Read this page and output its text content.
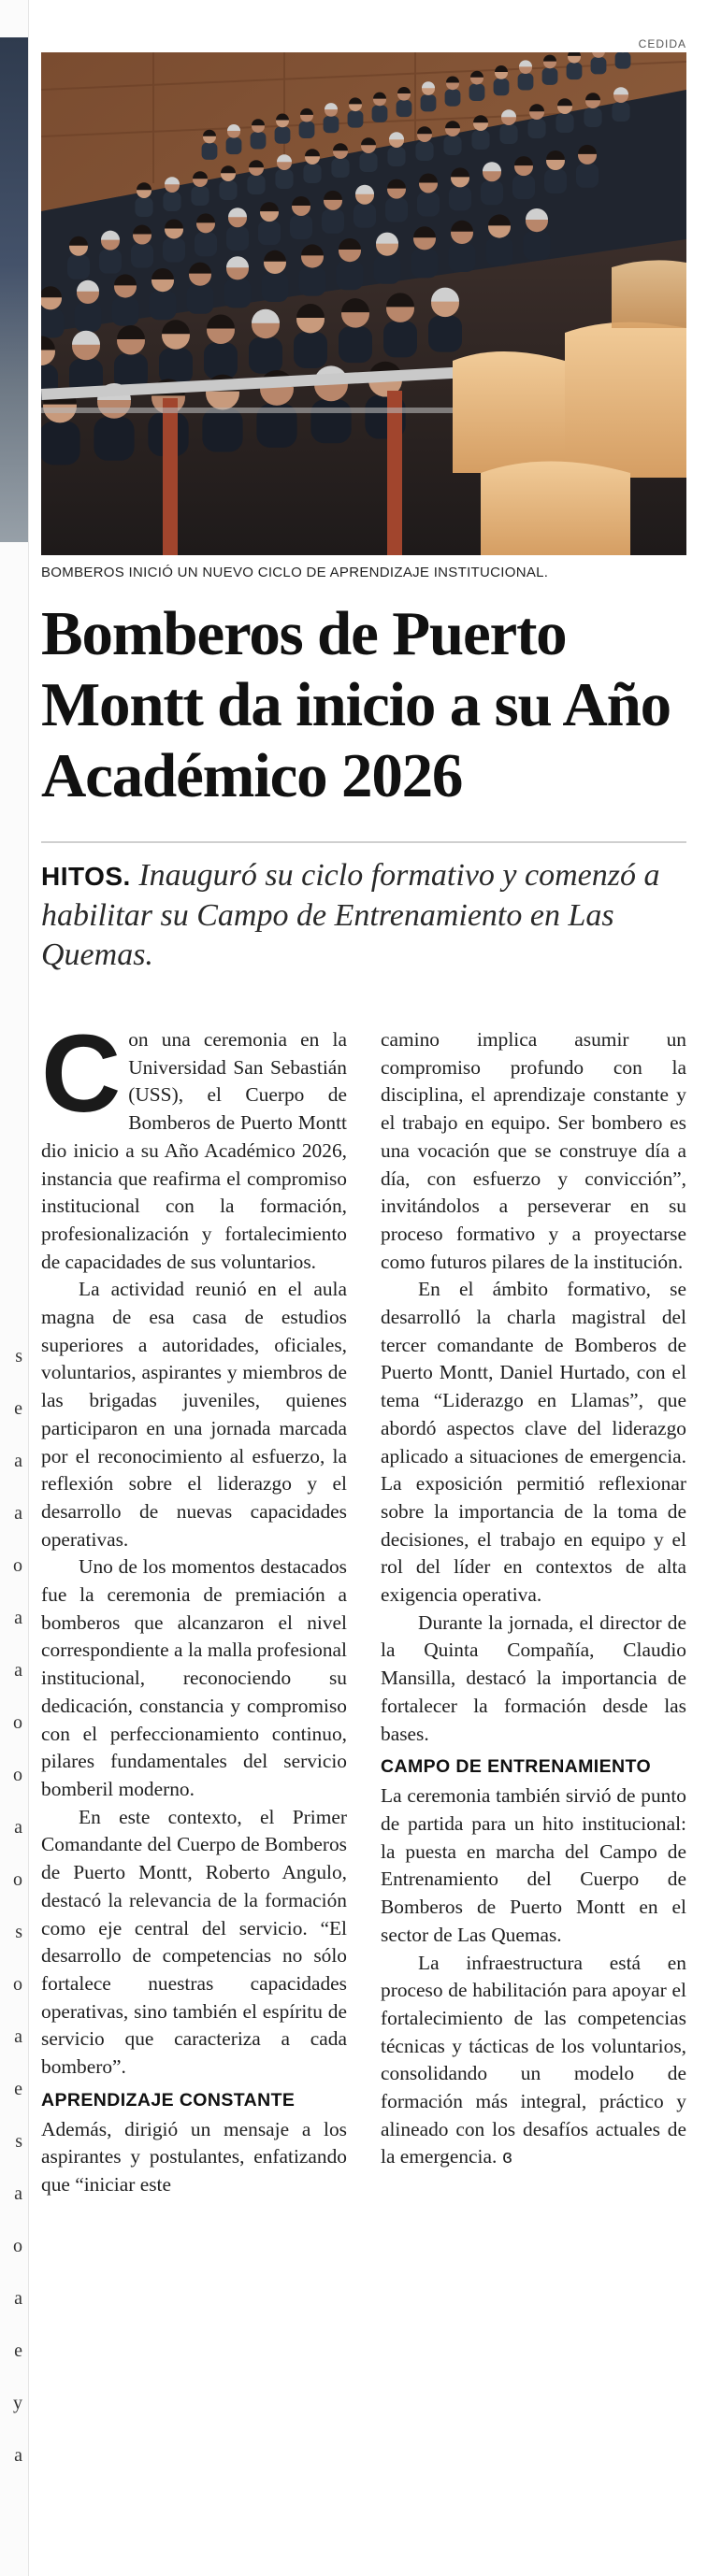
s
e
a
a
o
a
a
o
o
a
o
s
o
a
e
s
a
o
a
e
y
a
CEDIDA
BOMBEROS INICIÓ UN NUEVO CICLO DE APRENDIZAJE INSTITUCIONAL.
Bomberos de Puerto Montt da inicio a su Año Académico 2026
HITOS. Inauguró su ciclo formativo y comenzó a habilitar su Campo de Entrenamiento en Las Quemas.

Con una ceremonia en la Universidad San Sebastián (USS), el Cuerpo de Bomberos de Puerto Montt dio inicio a su Año Académico 2026, instancia que reafirma el compromiso institucional con la formación, profesionalización y fortalecimiento de capacidades de sus voluntarios.

La actividad reunió en el aula magna de esa casa de estudios superiores a autoridades, oficiales, voluntarios, aspirantes y miembros de las brigadas juveniles, quienes participaron en una jornada marcada por el reconocimiento al esfuerzo, la reflexión sobre el liderazgo y el desarrollo de nuevas capacidades operativas.

Uno de los momentos destacados fue la ceremonia de premiación a bomberos que alcanzaron el nivel correspondiente a la malla profesional institucional, reconociendo su dedicación, constancia y compromiso con el perfeccionamiento continuo, pilares fundamentales del servicio bomberil moderno.

En este contexto, el Primer Comandante del Cuerpo de Bomberos de Puerto Montt, Roberto Angulo, destacó la relevancia de la formación como eje central del servicio. “El desarrollo de competencias no sólo fortalece nuestras capacidades operativas, sino también el espíritu de servicio que caracteriza a cada bombero”.

APRENDIZAJE CONSTANTE

Además, dirigió un mensaje a los aspirantes y postulantes, enfatizando que “iniciar este

camino implica asumir un compromiso profundo con la disciplina, el aprendizaje constante y el trabajo en equipo. Ser bombero es una vocación que se construye día a día, con esfuerzo y convicción”, invitándolos a perseverar en su proceso formativo y a proyectarse como futuros pilares de la institución.

En el ámbito formativo, se desarrolló la charla magistral del tercer comandante de Bomberos de Puerto Montt, Daniel Hurtado, con el tema “Liderazgo en Llamas”, que abordó aspectos clave del liderazgo aplicado a situaciones de emergencia. La exposición permitió reflexionar sobre la importancia de la toma de decisiones, el trabajo en equipo y el rol del líder en contextos de alta exigencia operativa.

Durante la jornada, el director de la Quinta Compañía, Claudio Mansilla, destacó la importancia de fortalecer la formación desde las bases.

CAMPO DE ENTRENAMIENTO

La ceremonia también sirvió de punto de partida para un hito institucional: la puesta en marcha del Campo de Entrenamiento del Cuerpo de Bomberos de Puerto Montt en el sector de Las Quemas.

La infraestructura está en proceso de habilitación para apoyar el fortalecimiento de las competencias técnicas y tácticas de los voluntarios, consolidando un modelo de formación más integral, práctico y alineado con los desafíos actuales de la emergencia. ɞ
